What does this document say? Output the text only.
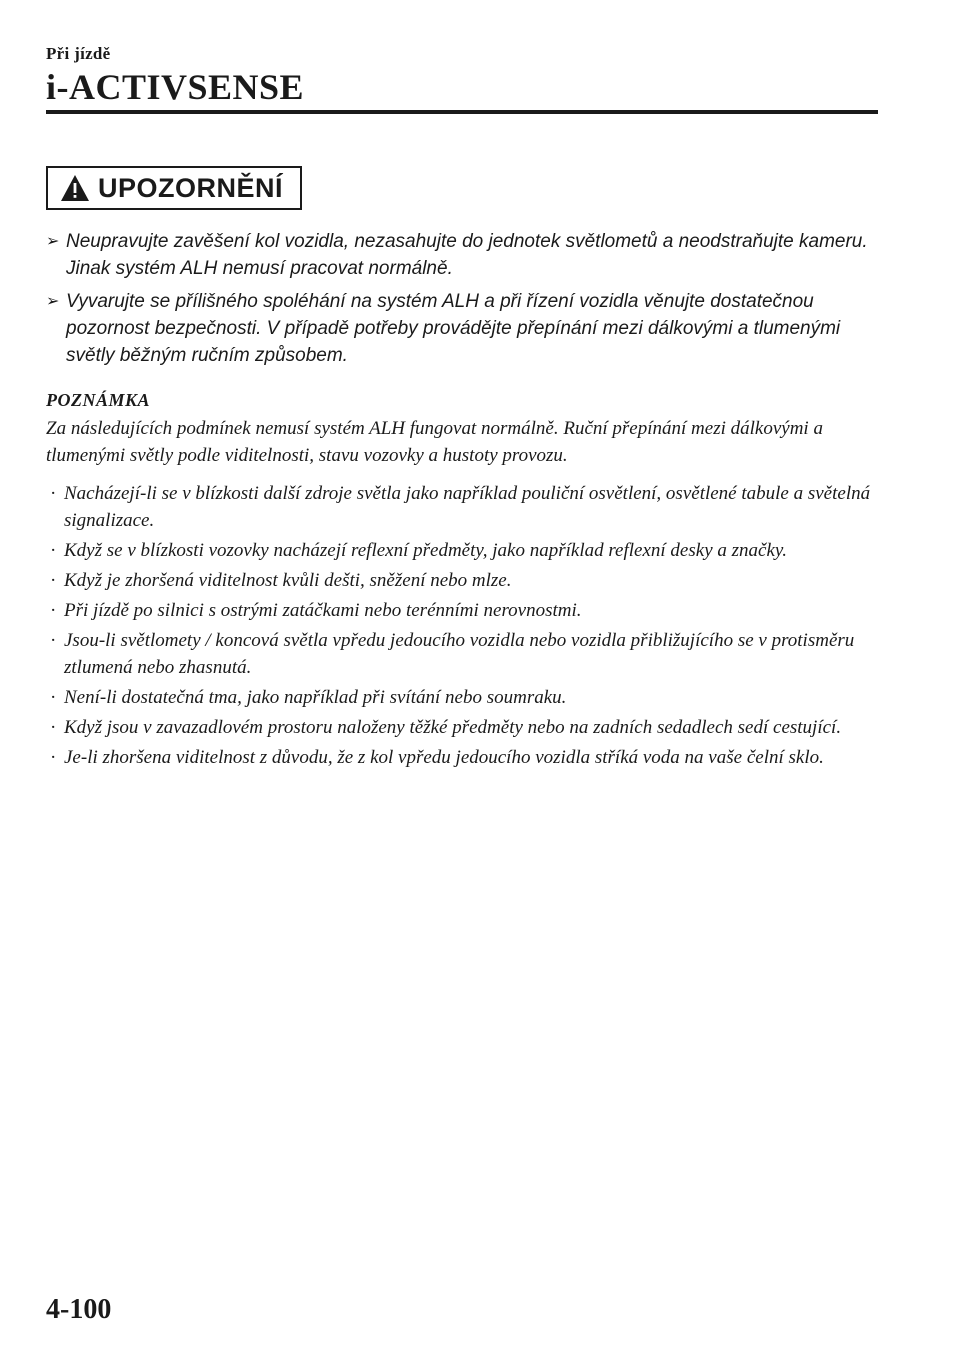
Při jízdě
i-ACTIVSENSE
UPOZORNĚNÍ
➢ Neupravujte zavěšení kol vozidla, nezasahujte do jednotek světlometů a neodstraňujte kameru. Jinak systém ALH nemusí pracovat normálně.
➢ Vyvarujte se přílišného spoléhání na systém ALH a při řízení vozidla věnujte dostatečnou pozornost bezpečnosti. V případě potřeby provádějte přepínání mezi dálkovými a tlumenými světly běžným ručním způsobem.
POZNÁMKA
Za následujících podmínek nemusí systém ALH fungovat normálně. Ruční přepínání mezi dálkovými a tlumenými světly podle viditelnosti, stavu vozovky a hustoty provozu.
· Nacházejí-li se v blízkosti další zdroje světla jako například pouliční osvětlení, osvětlené tabule a světelná signalizace.
· Když se v blízkosti vozovky nacházejí reflexní předměty, jako například reflexní desky a značky.
· Když je zhoršená viditelnost kvůli dešti, sněžení nebo mlze.
· Při jízdě po silnici s ostrými zatáčkami nebo terénními nerovnostmi.
· Jsou-li světlomety / koncová světla vpředu jedoucího vozidla nebo vozidla přibližujícího se v protisměru ztlumená nebo zhasnutá.
· Není-li dostatečná tma, jako například při svítání nebo soumraku.
· Když jsou v zavazadlovém prostoru naloženy těžké předměty nebo na zadních sedadlech sedí cestující.
· Je-li zhoršena viditelnost z důvodu, že z kol vpředu jedoucího vozidla stříká voda na vaše čelní sklo.
4-100
